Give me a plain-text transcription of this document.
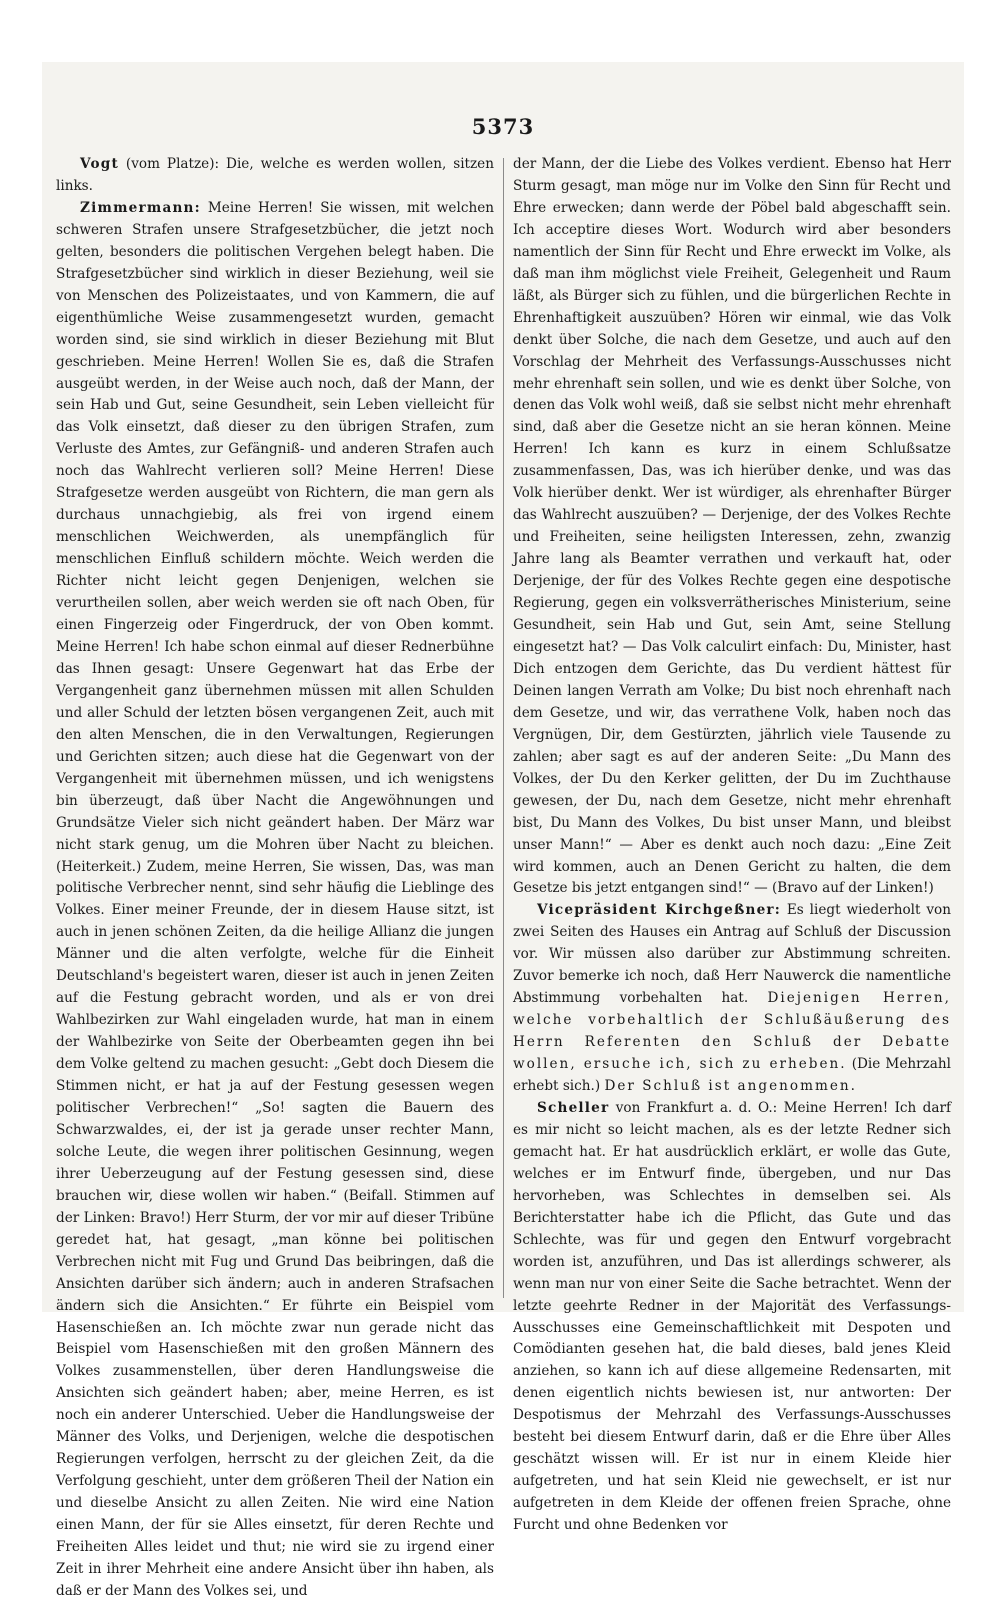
5373

Vogt (vom Platze): Die, welche es werden wollen, sitzen links.

Zimmermann: Meine Herren! Sie wissen, mit welchen schweren Strafen unsere Strafgesetzbücher, die jetzt noch gelten, besonders die politischen Vergehen belegt haben. Die Strafgesetzbücher sind wirklich in dieser Beziehung, weil sie von Menschen des Polizeistaates, und von Kammern, die auf eigenthümliche Weise zusammengesetzt wurden, gemacht worden sind, sie sind wirklich in dieser Beziehung mit Blut geschrieben. Meine Herren! Wollen Sie es, daß die Strafen ausgeübt werden, in der Weise auch noch, daß der Mann, der sein Hab und Gut, seine Gesundheit, sein Leben vielleicht für das Volk einsetzt, daß dieser zu den übrigen Strafen, zum Verluste des Amtes, zur Gefängniß- und anderen Strafen auch noch das Wahlrecht verlieren soll? Meine Herren! Diese Strafgesetze werden ausgeübt von Richtern, die man gern als durchaus unnachgiebig, als frei von irgend einem menschlichen Weichwerden, als unempfänglich für menschlichen Einfluß schildern möchte. Weich werden die Richter nicht leicht gegen Denjenigen, welchen sie verurtheilen sollen, aber weich werden sie oft nach Oben, für einen Fingerzeig oder Fingerdruck, der von Oben kommt. Meine Herren! Ich habe schon einmal auf dieser Rednerbühne das Ihnen gesagt: Unsere Gegenwart hat das Erbe der Vergangenheit ganz übernehmen müssen mit allen Schulden und aller Schuld der letzten bösen vergangenen Zeit, auch mit den alten Menschen, die in den Verwaltungen, Regierungen und Gerichten sitzen; auch diese hat die Gegenwart von der Vergangenheit mit übernehmen müssen, und ich wenigstens bin überzeugt, daß über Nacht die Angewöhnungen und Grundsätze Vieler sich nicht geändert haben. Der März war nicht stark genug, um die Mohren über Nacht zu bleichen. (Heiterkeit.) Zudem, meine Herren, Sie wissen, Das, was man politische Verbrecher nennt, sind sehr häufig die Lieblinge des Volkes. Einer meiner Freunde, der in diesem Hause sitzt, ist auch in jenen schönen Zeiten, da die heilige Allianz die jungen Männer und die alten verfolgte, welche für die Einheit Deutschland's begeistert waren, dieser ist auch in jenen Zeiten auf die Festung gebracht worden, und als er von drei Wahlbezirken zur Wahl eingeladen wurde, hat man in einem der Wahlbezirke von Seite der Oberbeamten gegen ihn bei dem Volke geltend zu machen gesucht: „Gebt doch Diesem die Stimmen nicht, er hat ja auf der Festung gesessen wegen politischer Verbrechen!“ „So! sagten die Bauern des Schwarzwaldes, ei, der ist ja gerade unser rechter Mann, solche Leute, die wegen ihrer politischen Gesinnung, wegen ihrer Ueberzeugung auf der Festung gesessen sind, diese brauchen wir, diese wollen wir haben.“ (Beifall. Stimmen auf der Linken: Bravo!) Herr Sturm, der vor mir auf dieser Tribüne geredet hat, hat gesagt, „man könne bei politischen Verbrechen nicht mit Fug und Grund Das beibringen, daß die Ansichten darüber sich ändern; auch in anderen Strafsachen ändern sich die Ansichten.“ Er führte ein Beispiel vom Hasenschießen an. Ich möchte zwar nun gerade nicht das Beispiel vom Hasenschießen mit den großen Männern des Volkes zusammenstellen, über deren Handlungsweise die Ansichten sich geändert haben; aber, meine Herren, es ist noch ein anderer Unterschied. Ueber die Handlungsweise der Männer des Volks, und Derjenigen, welche die despotischen Regierungen verfolgen, herrscht zu der gleichen Zeit, da die Verfolgung geschieht, unter dem größeren Theil der Nation ein und dieselbe Ansicht zu allen Zeiten. Nie wird eine Nation einen Mann, der für sie Alles einsetzt, für deren Rechte und Freiheiten Alles leidet und thut; nie wird sie zu irgend einer Zeit in ihrer Mehrheit eine andere Ansicht über ihn haben, als daß er der Mann des Volkes sei, und

der Mann, der die Liebe des Volkes verdient. Ebenso hat Herr Sturm gesagt, man möge nur im Volke den Sinn für Recht und Ehre erwecken; dann werde der Pöbel bald abgeschafft sein. Ich acceptire dieses Wort. Wodurch wird aber besonders namentlich der Sinn für Recht und Ehre erweckt im Volke, als daß man ihm möglichst viele Freiheit, Gelegenheit und Raum läßt, als Bürger sich zu fühlen, und die bürgerlichen Rechte in Ehrenhaftigkeit auszuüben? Hören wir einmal, wie das Volk denkt über Solche, die nach dem Gesetze, und auch auf den Vorschlag der Mehrheit des Verfassungs-Ausschusses nicht mehr ehrenhaft sein sollen, und wie es denkt über Solche, von denen das Volk wohl weiß, daß sie selbst nicht mehr ehrenhaft sind, daß aber die Gesetze nicht an sie heran können. Meine Herren! Ich kann es kurz in einem Schlußsatze zusammenfassen, Das, was ich hierüber denke, und was das Volk hierüber denkt. Wer ist würdiger, als ehrenhafter Bürger das Wahlrecht auszuüben? — Derjenige, der des Volkes Rechte und Freiheiten, seine heiligsten Interessen, zehn, zwanzig Jahre lang als Beamter verrathen und verkauft hat, oder Derjenige, der für des Volkes Rechte gegen eine despotische Regierung, gegen ein volksverrätherisches Ministerium, seine Gesundheit, sein Hab und Gut, sein Amt, seine Stellung eingesetzt hat? — Das Volk calculirt einfach: Du, Minister, hast Dich entzogen dem Gerichte, das Du verdient hättest für Deinen langen Verrath am Volke; Du bist noch ehrenhaft nach dem Gesetze, und wir, das verrathene Volk, haben noch das Vergnügen, Dir, dem Gestürzten, jährlich viele Tausende zu zahlen; aber sagt es auf der anderen Seite: „Du Mann des Volkes, der Du den Kerker gelitten, der Du im Zuchthause gewesen, der Du, nach dem Gesetze, nicht mehr ehrenhaft bist, Du Mann des Volkes, Du bist unser Mann, und bleibst unser Mann!“ — Aber es denkt auch noch dazu: „Eine Zeit wird kommen, auch an Denen Gericht zu halten, die dem Gesetze bis jetzt entgangen sind!“ — (Bravo auf der Linken!)

Vicepräsident Kirchgeßner: Es liegt wiederholt von zwei Seiten des Hauses ein Antrag auf Schluß der Discussion vor. Wir müssen also darüber zur Abstimmung schreiten. Zuvor bemerke ich noch, daß Herr Nauwerck die namentliche Abstimmung vorbehalten hat. Diejenigen Herren, welche vorbehaltlich der Schlußäußerung des Herrn Referenten den Schluß der Debatte wollen, ersuche ich, sich zu erheben. (Die Mehrzahl erhebt sich.) Der Schluß ist angenommen.

Scheller von Frankfurt a. d. O.: Meine Herren! Ich darf es mir nicht so leicht machen, als es der letzte Redner sich gemacht hat. Er hat ausdrücklich erklärt, er wolle das Gute, welches er im Entwurf finde, übergeben, und nur Das hervorheben, was Schlechtes in demselben sei. Als Berichterstatter habe ich die Pflicht, das Gute und das Schlechte, was für und gegen den Entwurf vorgebracht worden ist, anzuführen, und Das ist allerdings schwerer, als wenn man nur von einer Seite die Sache betrachtet. Wenn der letzte geehrte Redner in der Majorität des Verfassungs-Ausschusses eine Gemeinschaftlichkeit mit Despoten und Comödianten gesehen hat, die bald dieses, bald jenes Kleid anziehen, so kann ich auf diese allgemeine Redensarten, mit denen eigentlich nichts bewiesen ist, nur antworten: Der Despotismus der Mehrzahl des Verfassungs-Ausschusses besteht bei diesem Entwurf darin, daß er die Ehre über Alles geschätzt wissen will. Er ist nur in einem Kleide hier aufgetreten, und hat sein Kleid nie gewechselt, er ist nur aufgetreten in dem Kleide der offenen freien Sprache, ohne Furcht und ohne Bedenken vor
